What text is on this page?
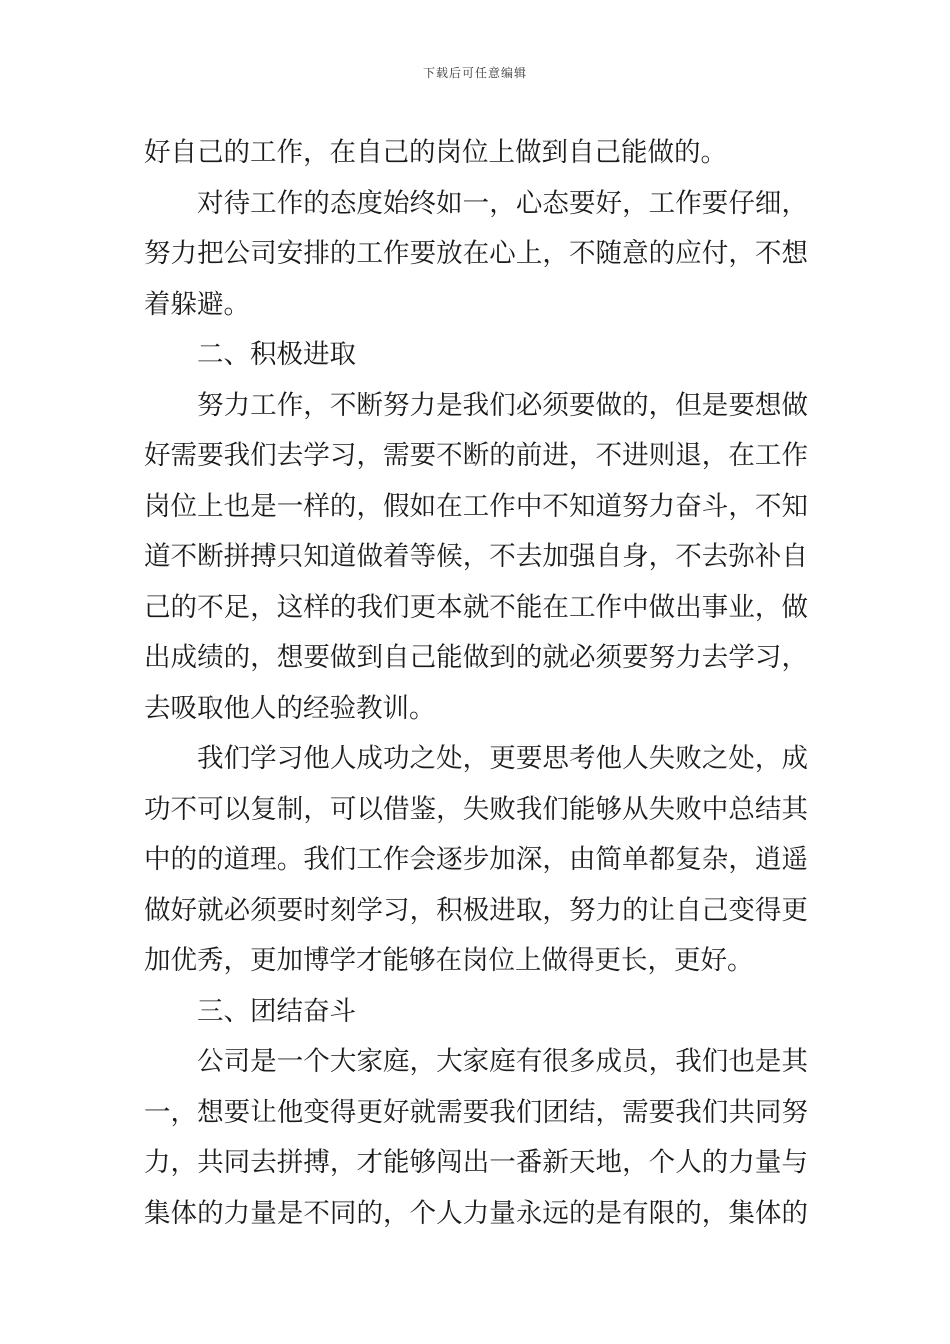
下载后可任意编辑
好自己的工作，在自己的岗位上做到自己能做的。
对待工作的态度始终如一，心态要好，工作要仔细，
努力把公司安排的工作要放在心上，不随意的应付，不想
着躲避。
二、积极进取
努力工作，不断努力是我们必须要做的，但是要想做
好需要我们去学习，需要不断的前进，不进则退，在工作
岗位上也是一样的，假如在工作中不知道努力奋斗，不知
道不断拼搏只知道做着等候，不去加强自身，不去弥补自
己的不足，这样的我们更本就不能在工作中做出事业，做
出成绩的，想要做到自己能做到的就必须要努力去学习，
去吸取他人的经验教训。
我们学习他人成功之处，更要思考他人失败之处，成
功不可以复制，可以借鉴，失败我们能够从失败中总结其
中的的道理。我们工作会逐步加深，由简单都复杂，逍遥
做好就必须要时刻学习，积极进取，努力的让自己变得更
加优秀，更加博学才能够在岗位上做得更长，更好。
三、团结奋斗
公司是一个大家庭，大家庭有很多成员，我们也是其
一，想要让他变得更好就需要我们团结，需要我们共同努
力，共同去拼搏，才能够闯出一番新天地，个人的力量与
集体的力量是不同的，个人力量永远的是有限的，集体的
